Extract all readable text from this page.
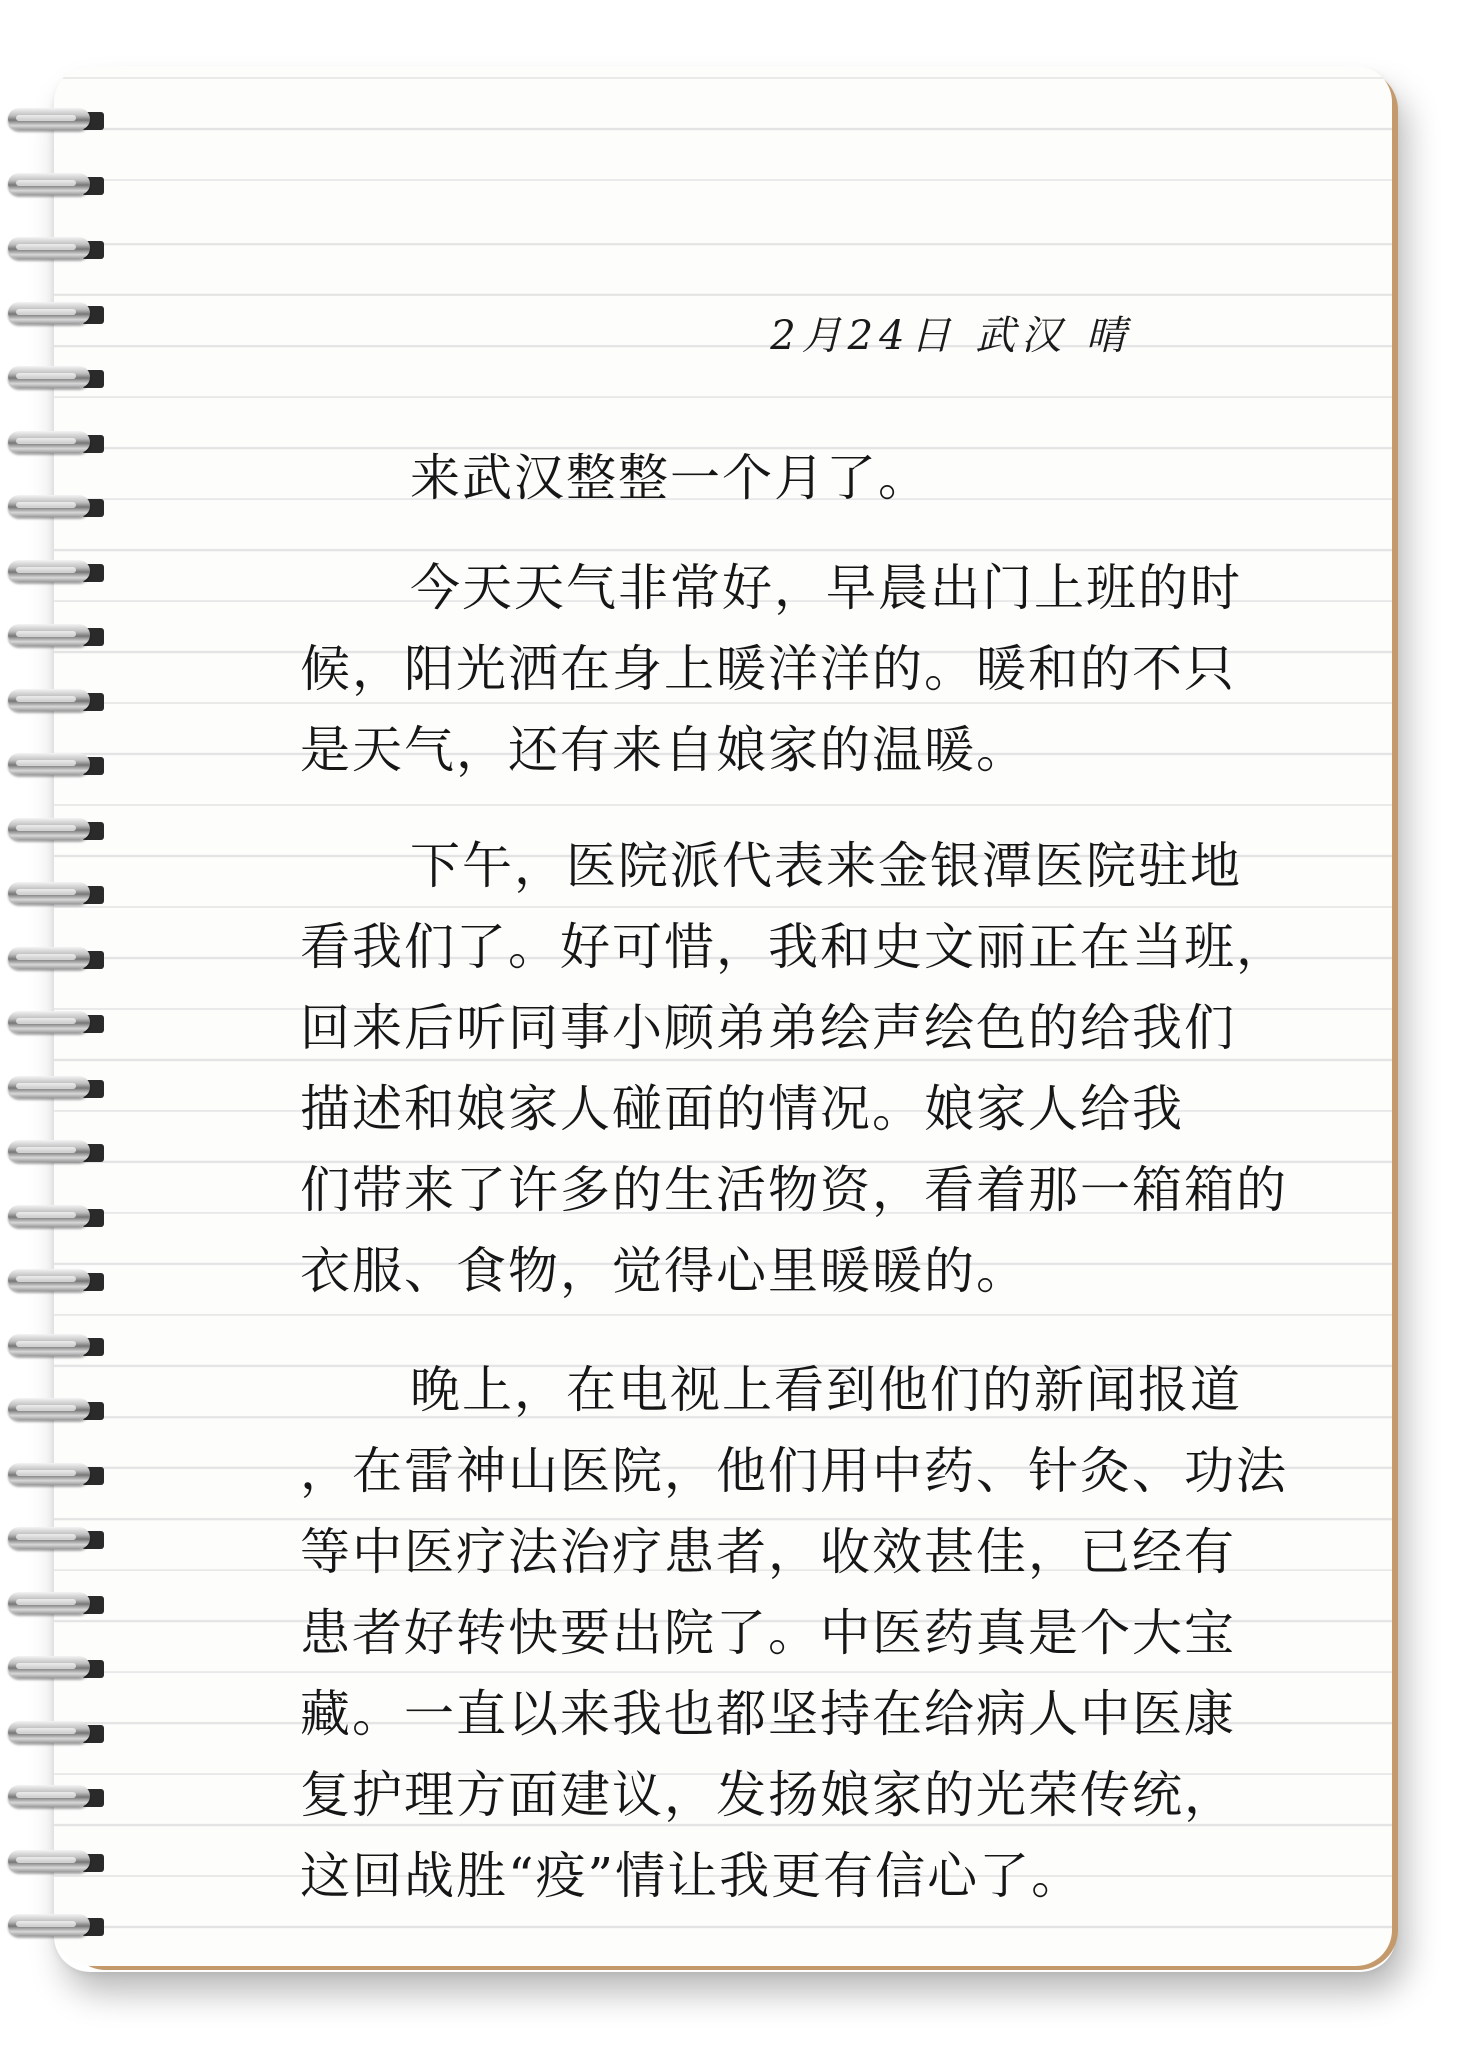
2月24日 武汉 晴
来武汉整整一个月了。
今天天气非常好，早晨出门上班的时
候，阳光洒在身上暖洋洋的。暖和的不只
是天气，还有来自娘家的温暖。
下午，医院派代表来金银潭医院驻地
看我们了。好可惜，我和史文丽正在当班，
回来后听同事小顾弟弟绘声绘色的给我们
描述和娘家人碰面的情况。娘家人给我
们带来了许多的生活物资，看着那一箱箱的
衣服、食物，觉得心里暖暖的。
晚上，在电视上看到他们的新闻报道
，在雷神山医院，他们用中药、针灸、功法
等中医疗法治疗患者，收效甚佳，已经有
患者好转快要出院了。中医药真是个大宝
藏。一直以来我也都坚持在给病人中医康
复护理方面建议，发扬娘家的光荣传统，
这回战胜“疫”情让我更有信心了。
